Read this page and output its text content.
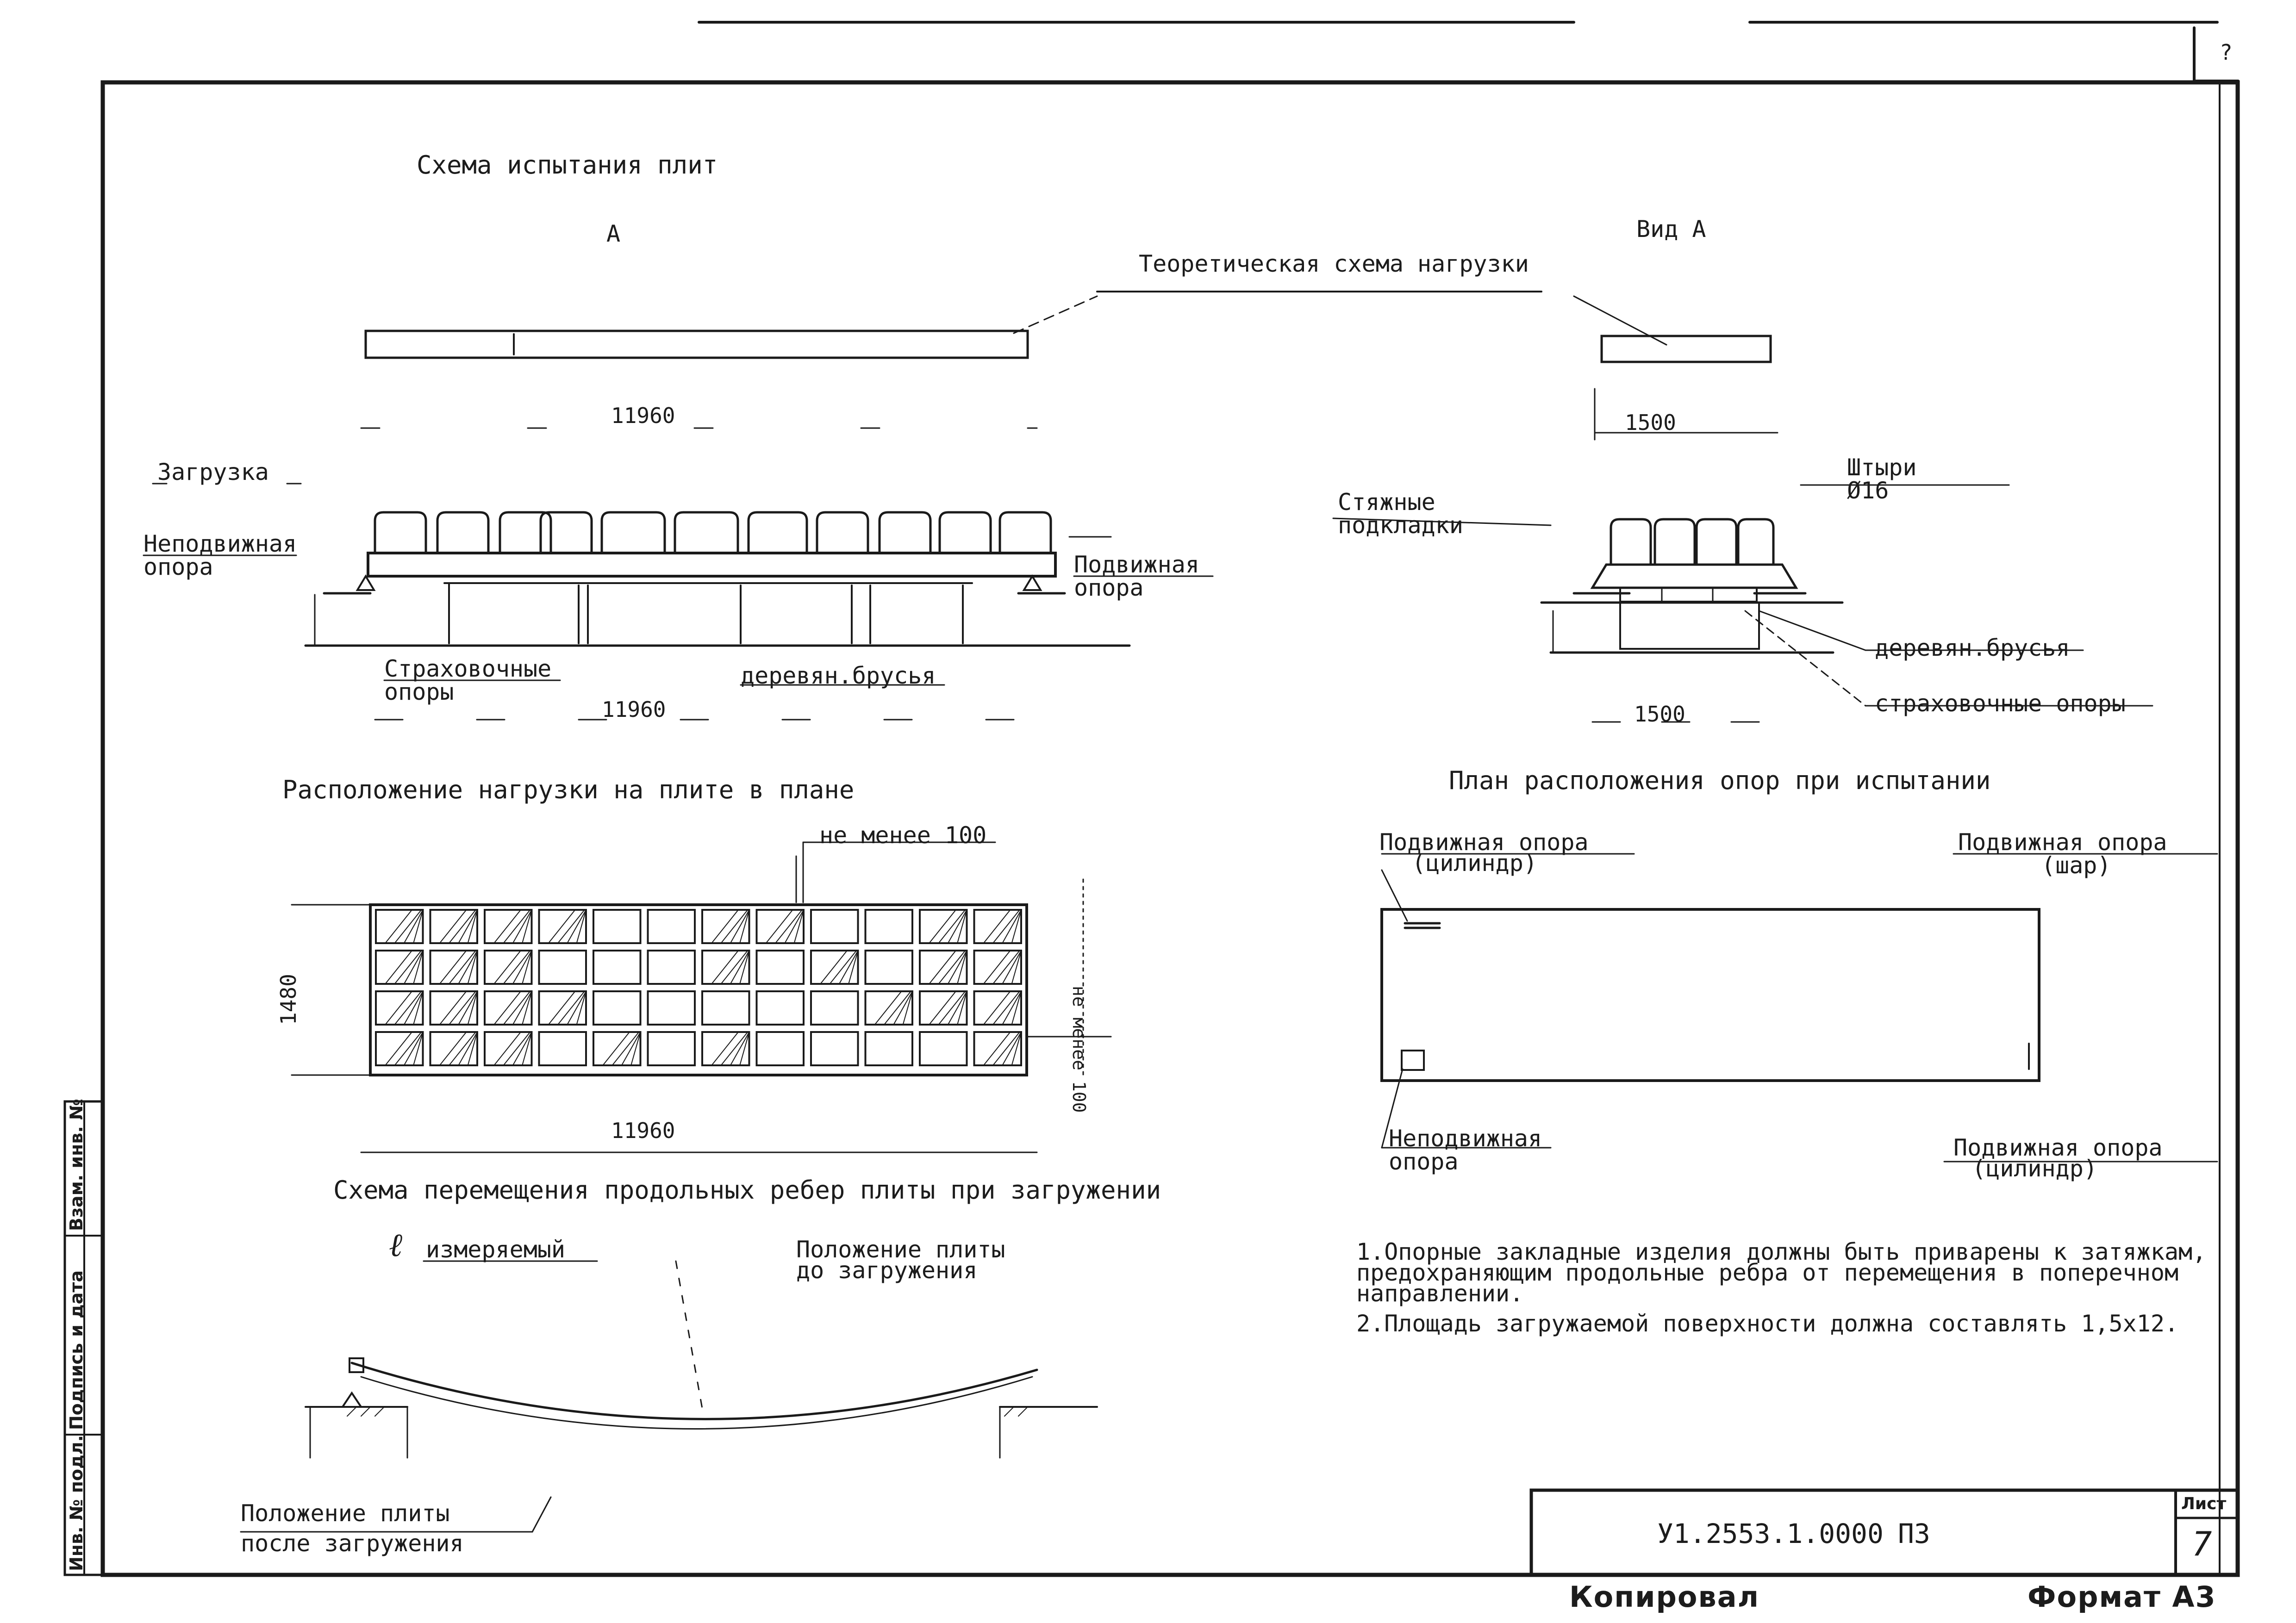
?
Схема испытания плит
А
Теоретическая схема нагрузки
Вид А
11960	1500
Загрузка
Неподвижная опора	Подвижная опора
Страховочные опоры
деревян.брусья
11960
Стяжные подкладки
Штыри Ø16
деревян.брусья
страховочные опоры
1500
Расположение нагрузки на плите в плане
не менее 100
не менее 100
1480
11960
План расположения опор при испытании
Подвижная опора
(цилиндр)
Подвижная опора
(шар)
Неподвижная
опора
Подвижная опора
(цилиндр)
Схема перемещения продольных ребер плиты при загружении
ℓ измеряемый	Положение плиты
до загружения
Положение плиты
после загружения
1.Опорные закладные изделия должны быть приварены к затяжкам,
предохраняющим продольные ребра от перемещения в поперечном
направлении.
2.Площадь загружаемой поверхности должна составлять 1,5х12.
У1.2553.1.0000 ПЗ
Лист
7
Копировал	Формат А3
Инв. № подл.
Подпись и дата
Взам. инв. №
